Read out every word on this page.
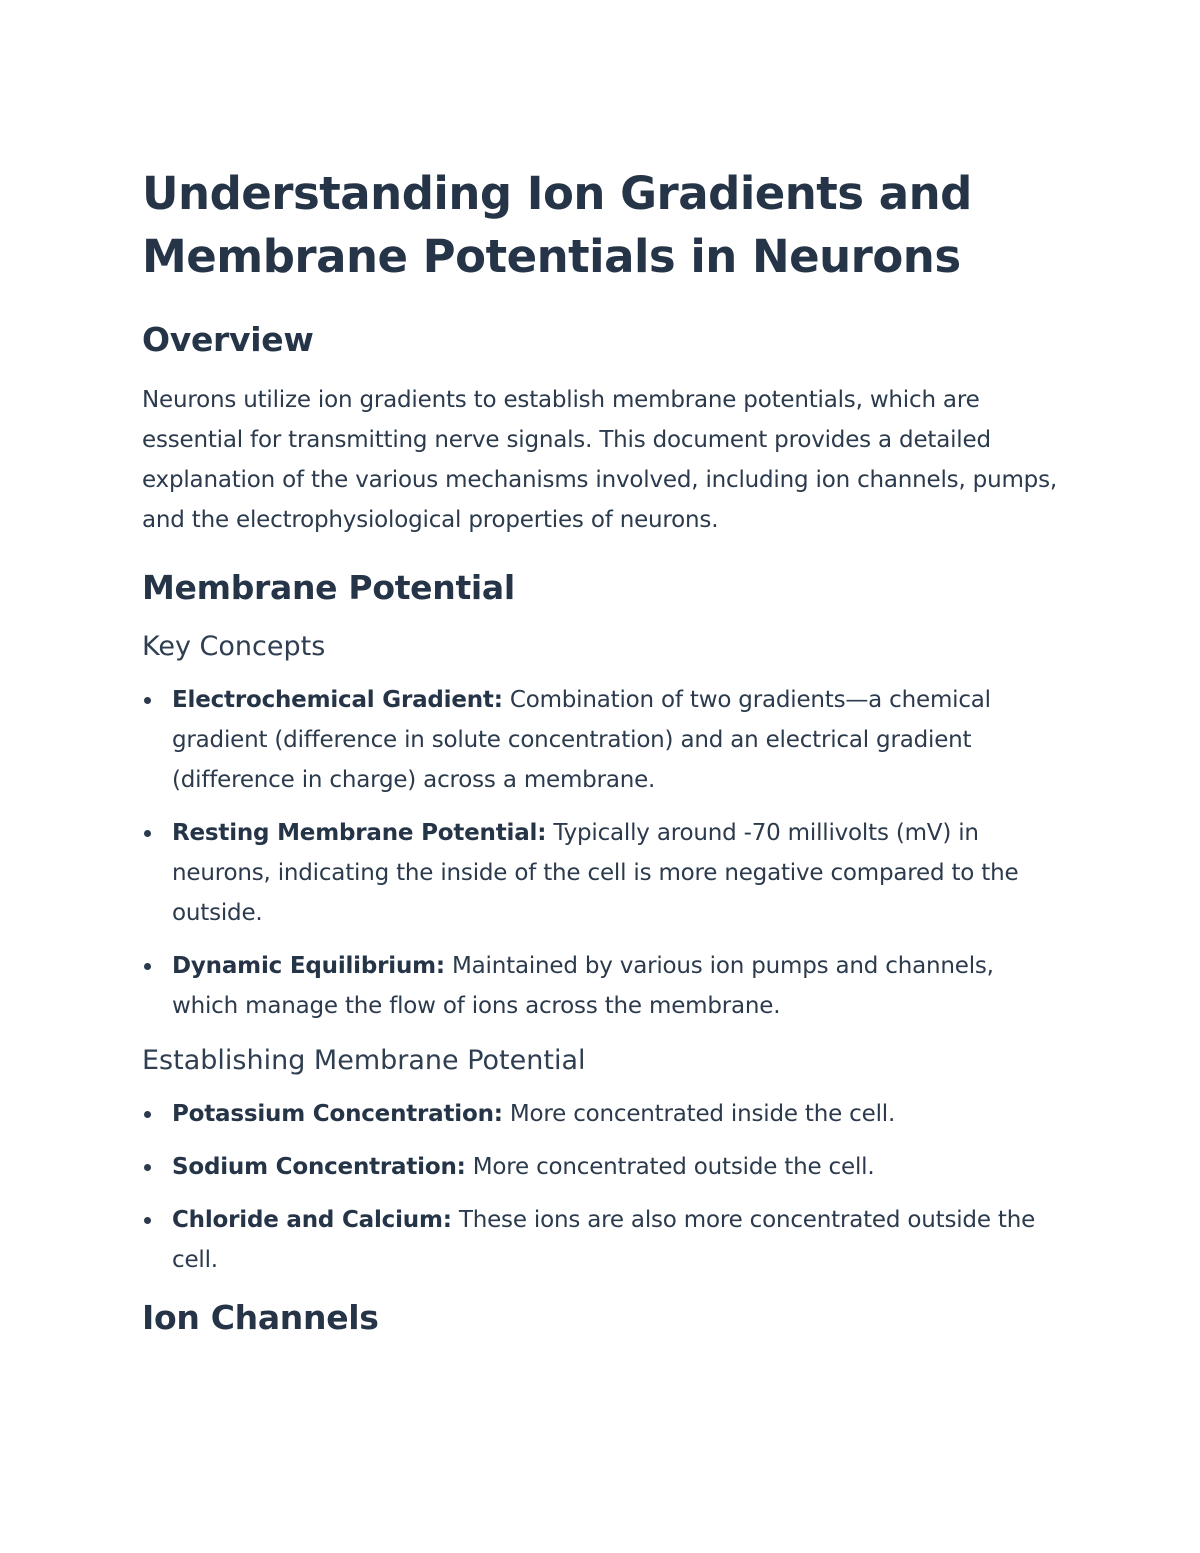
Understanding Ion Gradients and Membrane Potentials in Neurons
Overview

Neurons utilize ion gradients to establish membrane potentials, which are essential for transmitting nerve signals. This document provides a detailed explanation of the various mechanisms involved, including ion channels, pumps, and the electrophysiological properties of neurons.

Membrane Potential
Key Concepts
Electrochemical Gradient: Combination of two gradients—a chemical gradient (difference in solute concentration) and an electrical gradient (difference in charge) across a membrane.
Resting Membrane Potential: Typically around -70 millivolts (mV) in neurons, indicating the inside of the cell is more negative compared to the outside.
Dynamic Equilibrium: Maintained by various ion pumps and channels, which manage the flow of ions across the membrane.
Establishing Membrane Potential
Potassium Concentration: More concentrated inside the cell.
Sodium Concentration: More concentrated outside the cell.
Chloride and Calcium: These ions are also more concentrated outside the cell.
Ion Channels
